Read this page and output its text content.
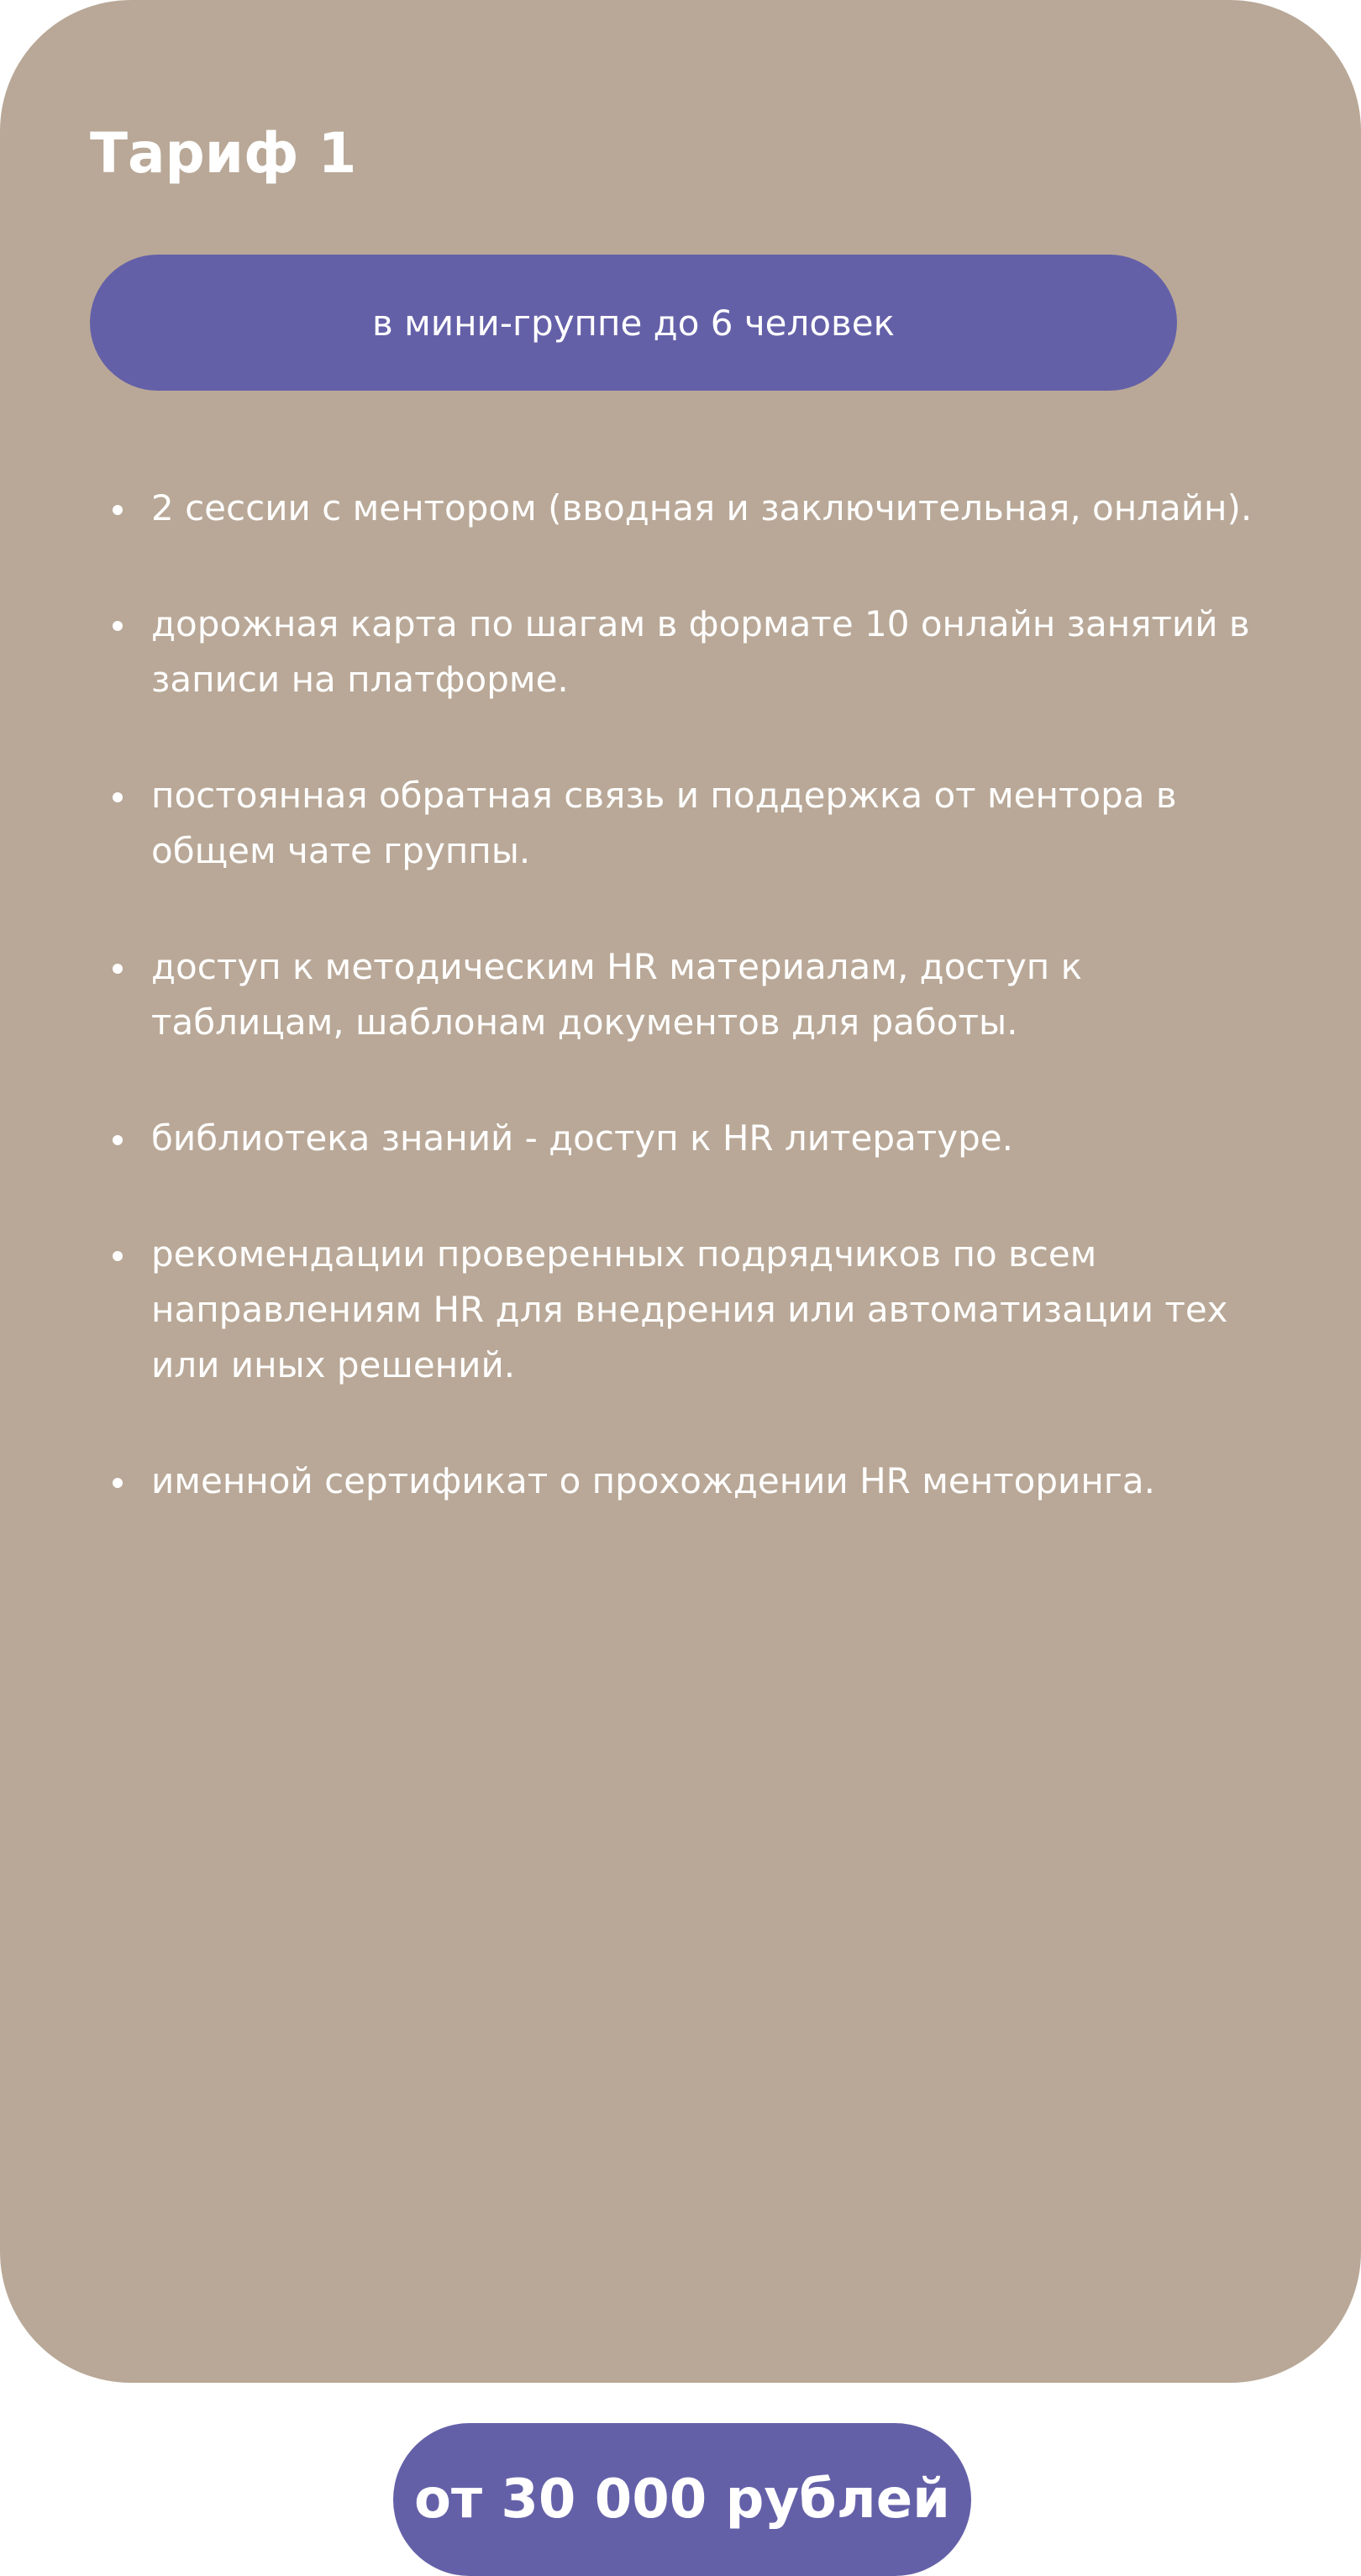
Тариф 1
в мини-группе до 6 человек
2 сессии с ментором (вводная и заключительная, онлайн).
дорожная карта по шагам в формате 10 онлайн занятий в записи на платформе.
постоянная обратная связь и поддержка от ментора в общем чате группы.
доступ к методическим HR материалам, доступ к таблицам, шаблонам документов для работы.
библиотека знаний - доступ к HR литературе.
рекомендации проверенных подрядчиков по всем направлениям HR для внедрения или автоматизации тех или иных решений.
именной сертификат о прохождении HR менторинга.
от 30 000 рублей
